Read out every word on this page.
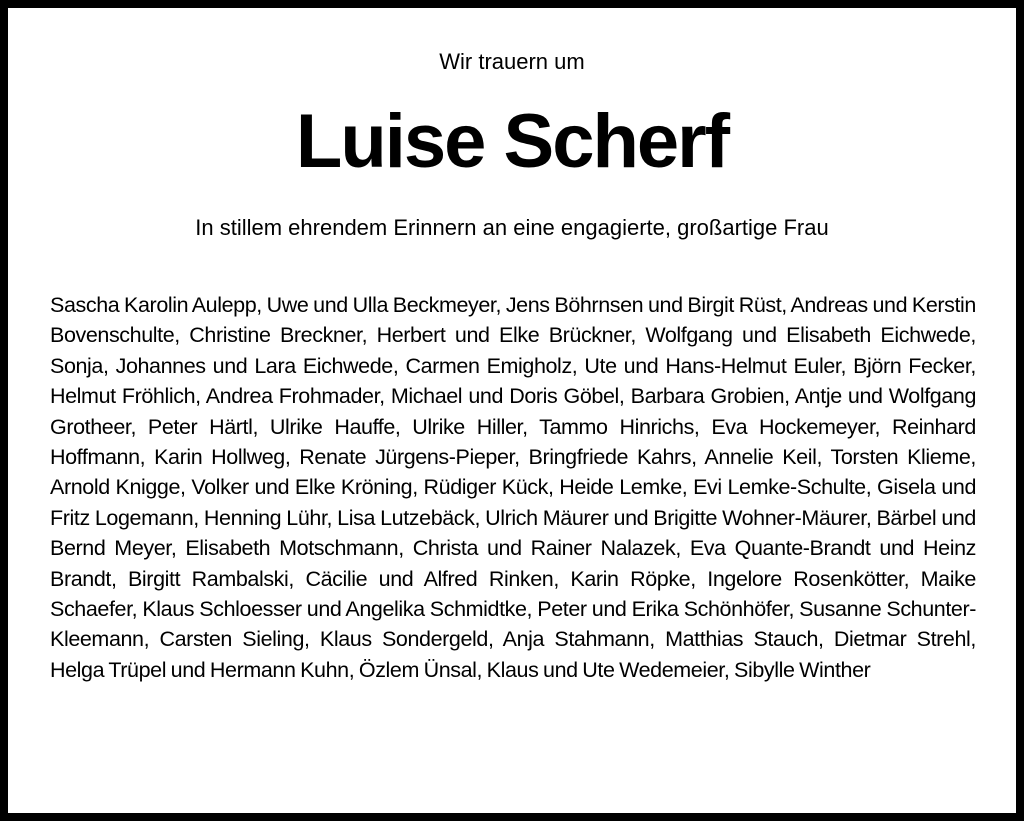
Wir trauern um
Luise Scherf
In stillem ehrendem Erinnern an eine engagierte, großartige Frau

Sascha Karolin Aulepp, Uwe und Ulla Beckmeyer, Jens Böhrnsen und Birgit Rüst, Andreas und Kerstin Bovenschulte, Christine Breckner, Herbert und Elke Brückner, Wolfgang und Elisabeth Eichwede, Sonja, Johannes und Lara Eichwede, Carmen Emigholz, Ute und Hans-Helmut Euler, Björn Fecker, Helmut Fröhlich, Andrea Frohmader, Michael und Doris Göbel, Barbara Grobien, Antje und Wolfgang Grotheer, Peter Härtl, Ulrike Hauffe, Ulrike Hiller, Tammo Hinrichs, Eva Hockemeyer, Reinhard Hoffmann, Karin Hollweg, Renate Jürgens-Pieper, Bringfriede Kahrs, Annelie Keil, Torsten Klieme, Arnold Knigge, Volker und Elke Kröning, Rüdiger Kück, Heide Lemke, Evi Lemke-Schulte, Gisela und Fritz Logemann, Henning Lühr, Lisa Lutzebäck, Ulrich Mäurer und Brigitte Wohner-Mäurer, Bärbel und Bernd Meyer, Elisabeth Motschmann, Christa und Rainer Nalazek, Eva Quante-Brandt und Heinz Brandt, Birgitt Rambalski, Cäcilie und Alfred Rinken, Karin Röpke, Ingelore Rosenkötter, Maike Schaefer, Klaus Schloesser und Angelika Schmidtke, Peter und Erika Schönhöfer, Susanne Schunter-Kleemann, Carsten Sieling, Klaus Sondergeld, Anja Stahmann, Matthias Stauch, Dietmar Strehl, Helga Trüpel und Hermann Kuhn, Özlem Ünsal, Klaus und Ute Wedemeier, Sibylle Winther
